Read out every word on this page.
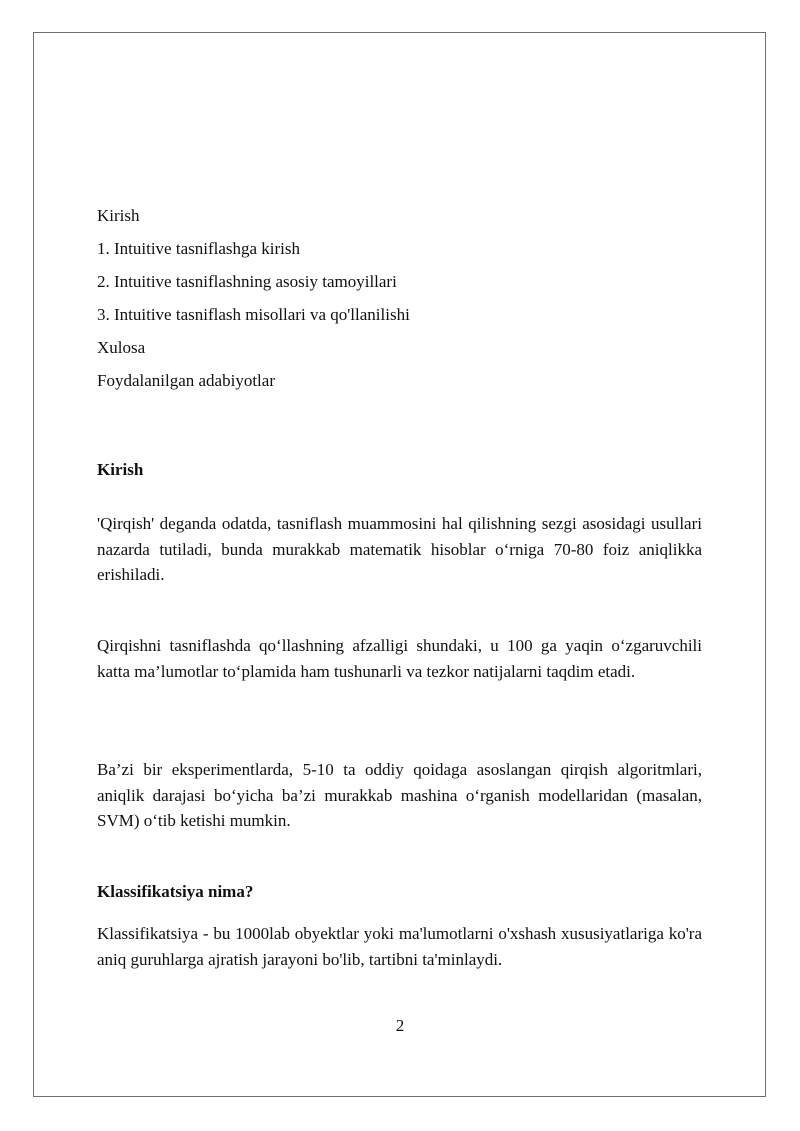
Kirish
1. Intuitive tasniflashga kirish
2. Intuitive tasniflashning asosiy tamoyillari
3. Intuitive tasniflash misollari va qo'llanilishi
Xulosa
Foydalanilgan adabiyotlar
Kirish
'Qirqish' deganda odatda, tasniflash muammosini hal qilishning sezgi asosidagi usullari nazarda tutiladi, bunda murakkab matematik hisoblar o‘rniga 70-80 foiz aniqlikka erishiladi.
Qirqishni tasniflashda qo‘llashning afzalligi shundaki, u 100 ga yaqin o‘zgaruvchili katta ma’lumotlar to‘plamida ham tushunarli va tezkor natijalarni taqdim etadi.
Ba’zi bir eksperimentlarda, 5-10 ta oddiy qoidaga asoslangan qirqish algoritmlari, aniqlik darajasi bo‘yicha ba’zi murakkab mashina o‘rganish modellaridan (masalan, SVM) o‘tib ketishi mumkin.
Klassifikatsiya nima?
Klassifikatsiya - bu 1000lab obyektlar yoki ma'lumotlarni o'xshash xususiyatlariga ko'ra aniq guruhlarga ajratish jarayoni bo'lib, tartibni ta'minlaydi.
2
